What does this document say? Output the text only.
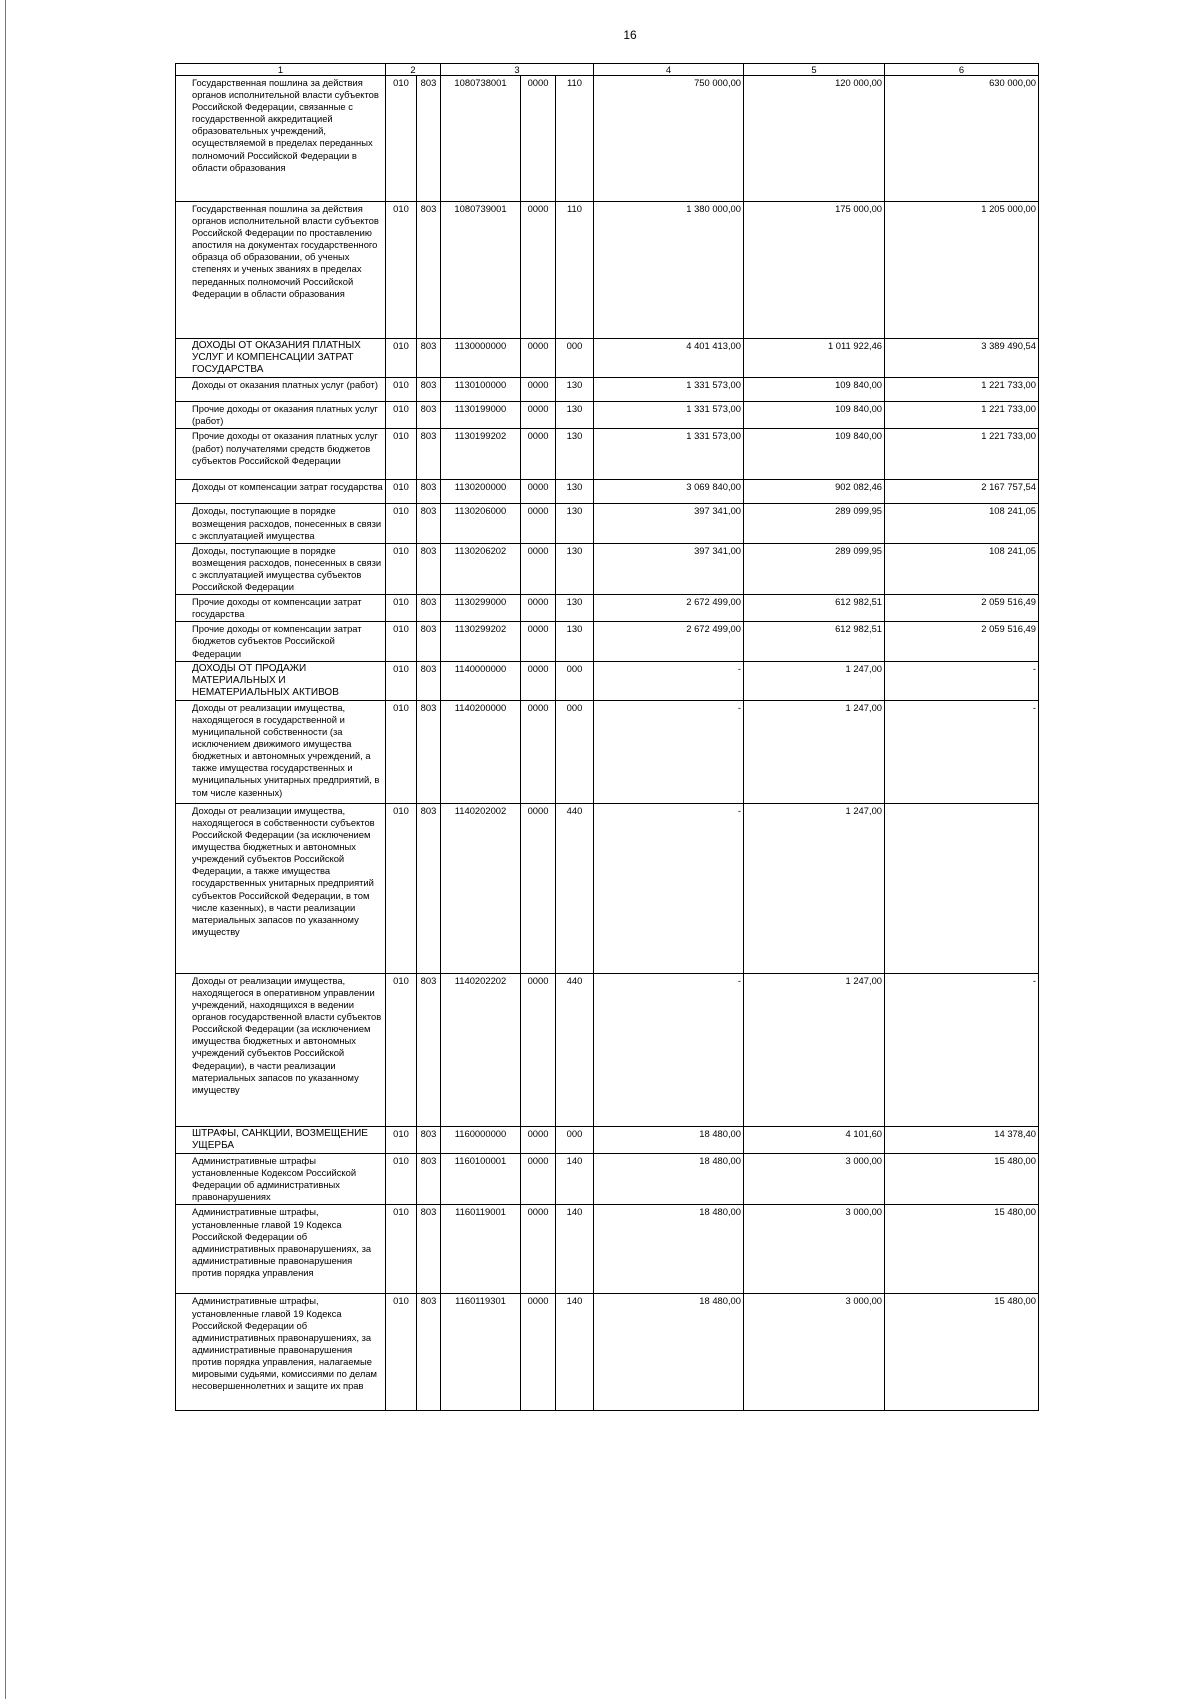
16
1	2		3			4	5	6
Государственная пошлина за действия органов исполнительной власти субъектов Российской Федерации, связанные с государственной аккредитацией образовательных учреждений, осуществляемой в пределах переданных полномочий Российской Федерации в области образования	010	803	1080738001	0000	110	750 000,00	120 000,00	630 000,00
Государственная пошлина за действия органов исполнительной власти субъектов Российской Федерации по проставлению апостиля на документах государственного образца об образовании, об ученых степенях и ученых званиях в пределах переданных полномочий Российской Федерации в области образования	010	803	1080739001	0000	110	1 380 000,00	175 000,00	1 205 000,00
ДОХОДЫ ОТ ОКАЗАНИЯ ПЛАТНЫХ УСЛУГ И КОМПЕНСАЦИИ ЗАТРАТ ГОСУДАРСТВА	010	803	1130000000	0000	000	4 401 413,00	1 011 922,46	3 389 490,54
Доходы от оказания платных услуг (работ)	010	803	1130100000	0000	130	1 331 573,00	109 840,00	1 221 733,00
Прочие доходы от оказания платных услуг (работ)	010	803	1130199000	0000	130	1 331 573,00	109 840,00	1 221 733,00
Прочие доходы от оказания платных услуг (работ) получателями средств бюджетов субъектов Российской Федерации	010	803	1130199202	0000	130	1 331 573,00	109 840,00	1 221 733,00
Доходы от компенсации затрат государства	010	803	1130200000	0000	130	3 069 840,00	902 082,46	2 167 757,54
Доходы, поступающие в порядке возмещения расходов, понесенных в связи с эксплуатацией имущества	010	803	1130206000	0000	130	397 341,00	289 099,95	108 241,05
Доходы, поступающие в порядке возмещения расходов, понесенных в связи с эксплуатацией имущества субъектов Российской Федерации	010	803	1130206202	0000	130	397 341,00	289 099,95	108 241,05
Прочие доходы от компенсации затрат государства	010	803	1130299000	0000	130	2 672 499,00	612 982,51	2 059 516,49
Прочие доходы от компенсации затрат бюджетов субъектов Российской Федерации	010	803	1130299202	0000	130	2 672 499,00	612 982,51	2 059 516,49
ДОХОДЫ ОТ ПРОДАЖИ МАТЕРИАЛЬНЫХ И НЕМАТЕРИАЛЬНЫХ АКТИВОВ	010	803	1140000000	0000	000	-	1 247,00	-
Доходы от реализации имущества, находящегося в государственной и муниципальной собственности (за исключением движимого имущества бюджетных и автономных учреждений, а также имущества государственных и муниципальных унитарных предприятий, в том числе казенных)	010	803	1140200000	0000	000	-	1 247,00	-
Доходы от реализации имущества, находящегося в собственности субъектов Российской Федерации (за исключением имущества бюджетных и автономных учреждений субъектов Российской Федерации, а также имущества государственных унитарных предприятий субъектов Российской Федерации, в том числе казенных), в части реализации материальных запасов по указанному имуществу	010	803	1140202002	0000	440	-	1 247,00	
Доходы от реализации имущества, находящегося в оперативном управлении учреждений, находящихся в ведении органов государственной власти субъектов Российской Федерации (за исключением имущества бюджетных и автономных учреждений субъектов Российской Федерации), в части реализации материальных запасов по указанному имуществу	010	803	1140202202	0000	440	-	1 247,00	-
ШТРАФЫ, САНКЦИИ, ВОЗМЕЩЕНИЕ УЩЕРБА	010	803	1160000000	0000	000	18 480,00	4 101,60	14 378,40
Административные штрафы установленные Кодексом Российской Федерации об административных правонарушениях	010	803	1160100001	0000	140	18 480,00	3 000,00	15 480,00
Административные штрафы, установленные главой 19 Кодекса Российской Федерации об административных правонарушениях, за административные правонарушения против порядка управления	010	803	1160119001	0000	140	18 480,00	3 000,00	15 480,00
Административные штрафы, установленные главой 19 Кодекса Российской Федерации об административных правонарушениях, за административные правонарушения против порядка управления, налагаемые мировыми судьями, комиссиями по делам несовершеннолетних и защите их прав	010	803	1160119301	0000	140	18 480,00	3 000,00	15 480,00
